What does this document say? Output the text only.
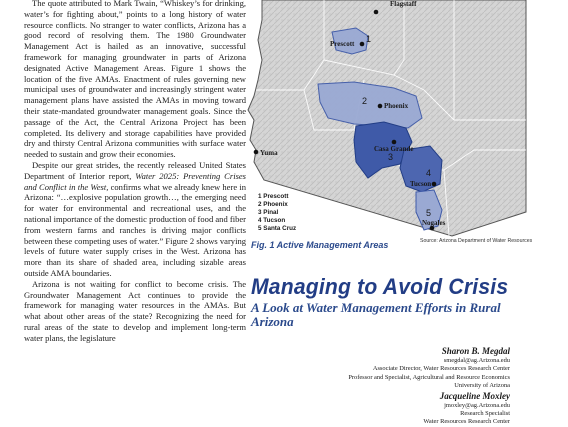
The quote attributed to Mark Twain, “Whiskey’s for drinking, water’s for fighting about,” points to a long history of water resource conflicts. No stranger to water conflicts, Arizona has a good record of resolving them. The 1980 Groundwater Management Act is hailed as an innovative, successful framework for managing groundwater in parts of Arizona designated Active Management Areas. Figure 1 shows the location of the five AMAs. Enactment of rules governing new municipal uses of groundwater and increasingly stringent water management plans have assisted the AMAs in moving toward their state-mandated groundwater management goals. Since the passage of the Act, the Central Arizona Project has been completed. Its delivery and storage capabilities have provided dry and thirsty Central Arizona communities with surface water needed to sustain and grow their economies.

Despite our great strides, the recently released United States Department of Interior report, Water 2025: Preventing Crises and Conflict in the West, confirms what we already knew here in Arizona: “…explosive population growth…, the emerging need for water for environmental and recreational uses, and the national importance of the domestic production of food and fiber from western farms and ranches is driving major conflicts between these competing uses of water.” Figure 2 shows varying levels of future water supply crises in the West. Arizona has more than its share of shaded area, including sizable areas outside AMA boundaries.

Arizona is not waiting for conflict to become crisis. The Groundwater Management Act continues to provide the framework for managing water resources in the AMAs. But what about other areas of the state? Recognizing the need for rural areas of the state to develop and implement long-term water plans, the legislature

Flagstaff
Prescott
Phoenix
Yuma	Casa Grande
Tucson
Nogales
1
2
3
4
5
1 Prescott
2 Phoenix
3 Pinal
4 Tucson
5 Santa Cruz
Fig. 1 Active Management Areas	Source: Arizona Department of Water Resources
Managing to Avoid Crisis
A Look at Water Management Efforts in Rural Arizona
Sharon B. Megdal
smegdal@ag.Arizona.edu
Associate Director, Water Resources Research Center
Professor and Specialist, Agricultural and Resource Economics
University of Arizona
Jacqueline Moxley
jmoxley@ag.Arizona.edu
Research Specialist
Water Resources Research Center
